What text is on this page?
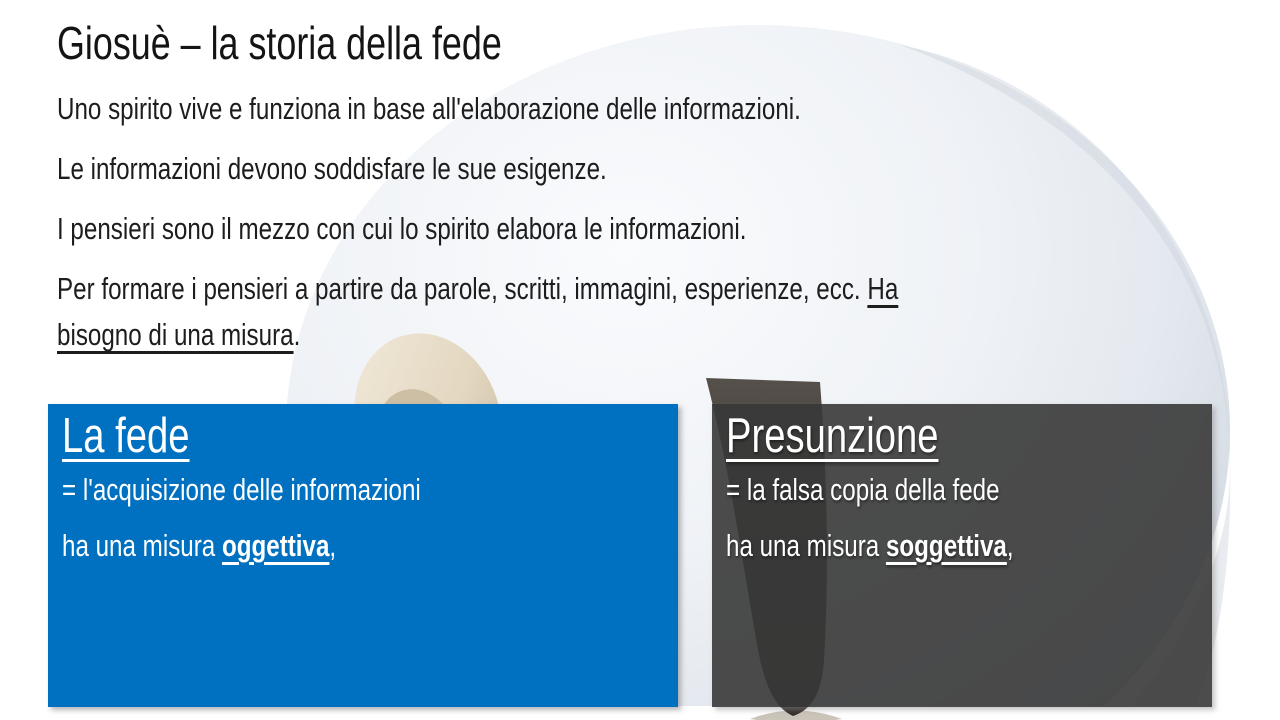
Giosuè – la storia della fede

Uno spirito vive e funziona in base all'elaborazione delle informazioni.

Le informazioni devono soddisfare le sue esigenze.

I pensieri sono il mezzo con cui lo spirito elabora le informazioni.

Per formare i pensieri a partire da parole, scritti, immagini, esperienze, ecc. Ha
bisogno di una misura.

La fede

= l'acquisizione delle informazioni

ha una misura oggettiva,

Presunzione

= la falsa copia della fede

ha una misura soggettiva,
